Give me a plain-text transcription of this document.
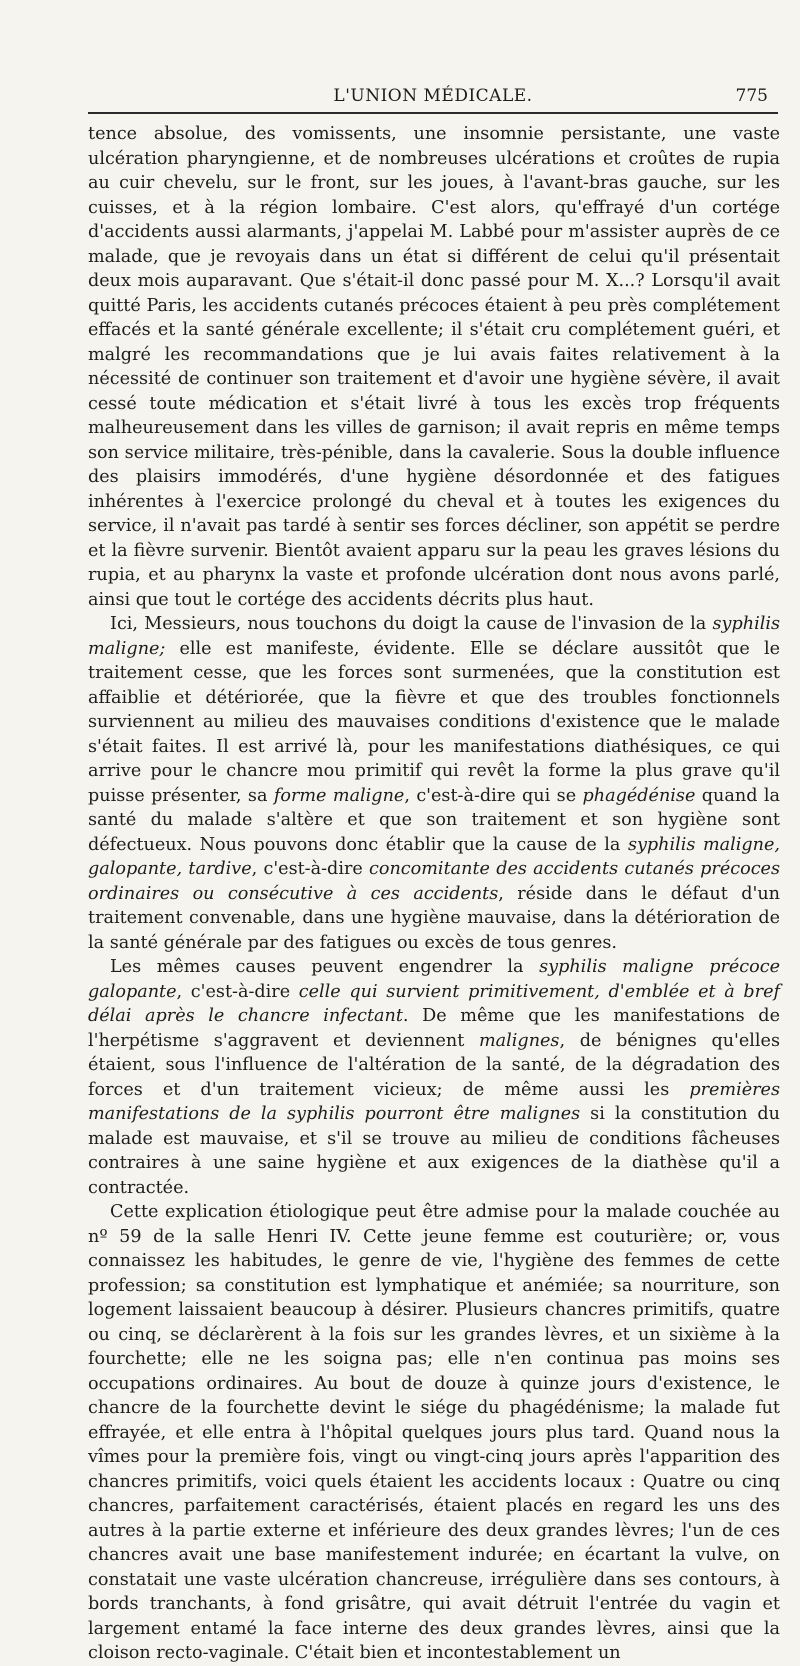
L'UNION MÉDICALE.	775

tence absolue, des vomissents, une insomnie persistante, une vaste ulcération pharyngienne, et de nombreuses ulcérations et croûtes de rupia au cuir chevelu, sur le front, sur les joues, à l'avant-bras gauche, sur les cuisses, et à la région lombaire. C'est alors, qu'effrayé d'un cortége d'accidents aussi alarmants, j'appelai M. Labbé pour m'assister auprès de ce malade, que je revoyais dans un état si différent de celui qu'il présentait deux mois auparavant. Que s'était-il donc passé pour M. X...? Lorsqu'il avait quitté Paris, les accidents cutanés précoces étaient à peu près complétement effacés et la santé générale excellente; il s'était cru complétement guéri, et malgré les recommandations que je lui avais faites relativement à la nécessité de continuer son traitement et d'avoir une hygiène sévère, il avait cessé toute médication et s'était livré à tous les excès trop fréquents malheureusement dans les villes de garnison; il avait repris en même temps son service militaire, très-pénible, dans la cavalerie. Sous la double influence des plaisirs immodérés, d'une hygiène désordonnée et des fatigues inhérentes à l'exercice prolongé du cheval et à toutes les exigences du service, il n'avait pas tardé à sentir ses forces décliner, son appétit se perdre et la fièvre survenir. Bientôt avaient apparu sur la peau les graves lésions du rupia, et au pharynx la vaste et profonde ulcération dont nous avons parlé, ainsi que tout le cortége des accidents décrits plus haut.

Ici, Messieurs, nous touchons du doigt la cause de l'invasion de la syphilis maligne; elle est manifeste, évidente. Elle se déclare aussitôt que le traitement cesse, que les forces sont surmenées, que la constitution est affaiblie et détériorée, que la fièvre et que des troubles fonctionnels surviennent au milieu des mauvaises conditions d'existence que le malade s'était faites. Il est arrivé là, pour les manifestations diathésiques, ce qui arrive pour le chancre mou primitif qui revêt la forme la plus grave qu'il puisse présenter, sa forme maligne, c'est-à-dire qui se phagédénise quand la santé du malade s'altère et que son traitement et son hygiène sont défectueux. Nous pouvons donc établir que la cause de la syphilis maligne, galopante, tardive, c'est-à-dire concomitante des accidents cutanés précoces ordinaires ou consécutive à ces accidents, réside dans le défaut d'un traitement convenable, dans une hygiène mauvaise, dans la détérioration de la santé générale par des fatigues ou excès de tous genres.

Les mêmes causes peuvent engendrer la syphilis maligne précoce galopante, c'est-à-dire celle qui survient primitivement, d'emblée et à bref délai après le chancre infectant. De même que les manifestations de l'herpétisme s'aggravent et deviennent malignes, de bénignes qu'elles étaient, sous l'influence de l'altération de la santé, de la dégradation des forces et d'un traitement vicieux; de même aussi les premières manifestations de la syphilis pourront être malignes si la constitution du malade est mauvaise, et s'il se trouve au milieu de conditions fâcheuses contraires à une saine hygiène et aux exigences de la diathèse qu'il a contractée.

Cette explication étiologique peut être admise pour la malade couchée au nº 59 de la salle Henri IV. Cette jeune femme est couturière; or, vous connaissez les habitudes, le genre de vie, l'hygiène des femmes de cette profession; sa constitution est lymphatique et anémiée; sa nourriture, son logement laissaient beaucoup à désirer. Plusieurs chancres primitifs, quatre ou cinq, se déclarèrent à la fois sur les grandes lèvres, et un sixième à la fourchette; elle ne les soigna pas; elle n'en continua pas moins ses occupations ordinaires. Au bout de douze à quinze jours d'existence, le chancre de la fourchette devint le siége du phagédénisme; la malade fut effrayée, et elle entra à l'hôpital quelques jours plus tard. Quand nous la vîmes pour la première fois, vingt ou vingt-cinq jours après l'apparition des chancres primitifs, voici quels étaient les accidents locaux : Quatre ou cinq chancres, parfaitement caractérisés, étaient placés en regard les uns des autres à la partie externe et inférieure des deux grandes lèvres; l'un de ces chancres avait une base manifestement indurée; en écartant la vulve, on constatait une vaste ulcération chancreuse, irrégulière dans ses contours, à bords tranchants, à fond grisâtre, qui avait détruit l'entrée du vagin et largement entamé la face interne des deux grandes lèvres, ainsi que la cloison recto-vaginale. C'était bien et incontestablement un
